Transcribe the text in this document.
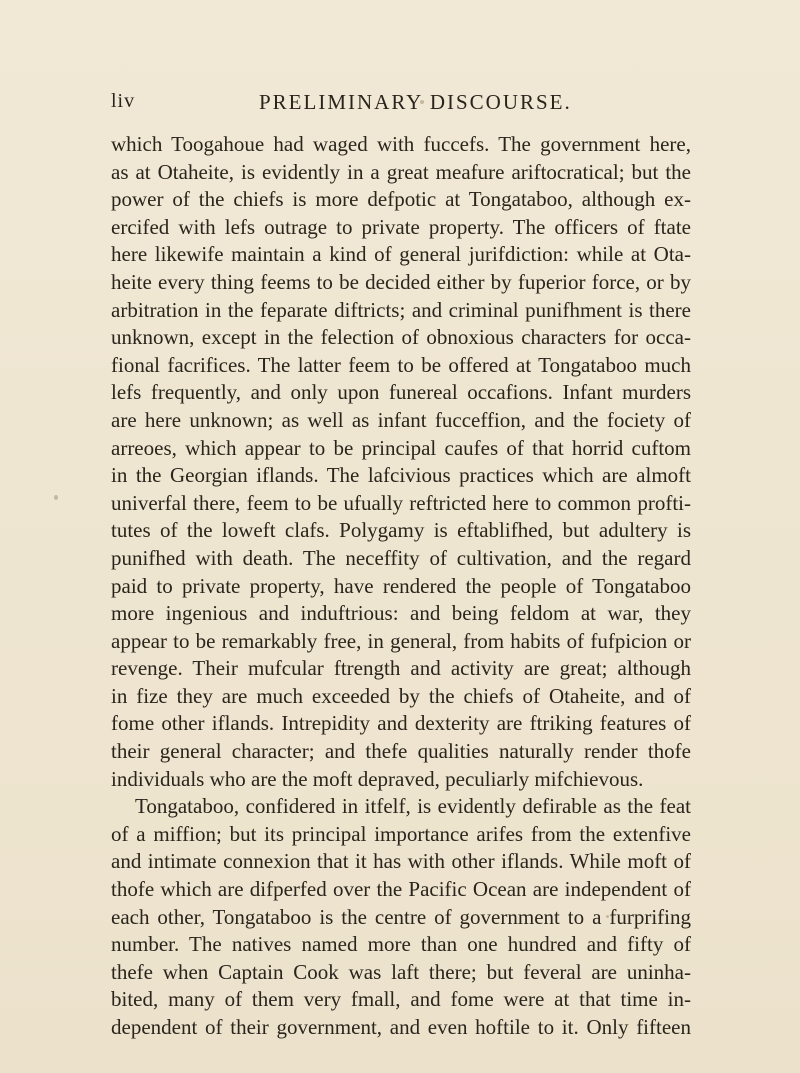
liv	PRELIMINARY DISCOURSE.
which Toogahoue had waged with fuccefs. The government here,
as at Otaheite, is evidently in a great meafure ariftocratical; but the
power of the chiefs is more defpotic at Tongataboo, although ex-
ercifed with lefs outrage to private property. The officers of ftate
here likewife maintain a kind of general jurifdiction: while at Ota-
heite every thing feems to be decided either by fuperior force, or by
arbitration in the feparate diftricts; and criminal punifhment is there
unknown, except in the felection of obnoxious characters for occa-
fional facrifices. The latter feem to be offered at Tongataboo much
lefs frequently, and only upon funereal occafions. Infant murders
are here unknown; as well as infant fucceffion, and the fociety of
arreoes, which appear to be principal caufes of that horrid cuftom
in the Georgian iflands. The lafcivious practices which are almoft
univerfal there, feem to be ufually reftricted here to common profti-
tutes of the loweft clafs. Polygamy is eftablifhed, but adultery is
punifhed with death. The neceffity of cultivation, and the regard
paid to private property, have rendered the people of Tongataboo
more ingenious and induftrious: and being feldom at war, they
appear to be remarkably free, in general, from habits of fufpicion or
revenge. Their mufcular ftrength and activity are great; although
in fize they are much exceeded by the chiefs of Otaheite, and of
fome other iflands. Intrepidity and dexterity are ftriking features of
their general character; and thefe qualities naturally render thofe
individuals who are the moft depraved, peculiarly mifchievous.
Tongataboo, confidered in itfelf, is evidently defirable as the feat
of a miffion; but its principal importance arifes from the extenfive
and intimate connexion that it has with other iflands. While moft of
thofe which are difperfed over the Pacific Ocean are independent of
each other, Tongataboo is the centre of government to a furprifing
number. The natives named more than one hundred and fifty of
thefe when Captain Cook was laft there; but feveral are uninha-
bited, many of them very fmall, and fome were at that time in-
dependent of their government, and even hoftile to it. Only fifteen
